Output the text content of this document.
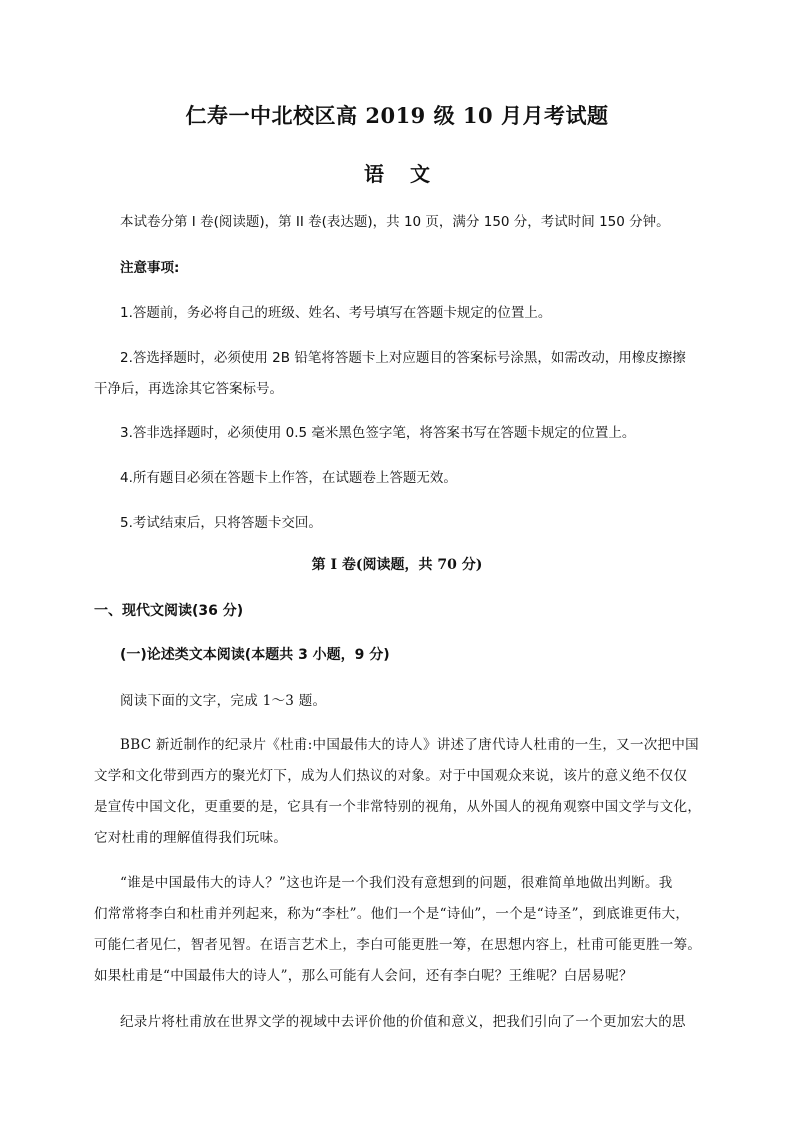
仁寿一中北校区高 2019 级 10 月月考试题
语文

本试卷分第 I 卷(阅读题)，第 II 卷(表达题)，共 10 页，满分 150 分，考试时间 150 分钟。

注意事项:

1.答题前，务必将自己的班级、姓名、考号填写在答题卡规定的位置上。

2.答选择题时，必须使用 2B 铅笔将答题卡上对应题目的答案标号涂黑，如需改动，用橡皮擦擦

干净后，再选涂其它答案标号。

3.答非选择题时，必须使用 0.5 毫米黑色签字笔，将答案书写在答题卡规定的位置上。

4.所有题目必须在答题卡上作答，在试题卷上答题无效。

5.考试结束后，只将答题卡交回。

第 I 卷(阅读题，共 70 分)

一、现代文阅读(36 分)

(一)论述类文本阅读(本题共 3 小题，9 分)

阅读下面的文字，完成 1～3 题。

BBC 新近制作的纪录片《杜甫:中国最伟大的诗人》讲述了唐代诗人杜甫的一生，又一次把中国

文学和文化带到西方的聚光灯下，成为人们热议的对象。对于中国观众来说，该片的意义绝不仅仅

是宣传中国文化，更重要的是，它具有一个非常特别的视角，从外国人的视角观察中国文学与文化，

它对杜甫的理解值得我们玩味。

“谁是中国最伟大的诗人？”这也许是一个我们没有意想到的问题，很难简单地做出判断。我

们常常将李白和杜甫并列起来，称为“李杜”。他们一个是“诗仙”，一个是“诗圣”，到底谁更伟大，

可能仁者见仁，智者见智。在语言艺术上，李白可能更胜一筹，在思想内容上，杜甫可能更胜一筹。

如果杜甫是“中国最伟大的诗人”，那么可能有人会问，还有李白呢？王维呢？白居易呢？

纪录片将杜甫放在世界文学的视域中去评价他的价值和意义，把我们引向了一个更加宏大的思
